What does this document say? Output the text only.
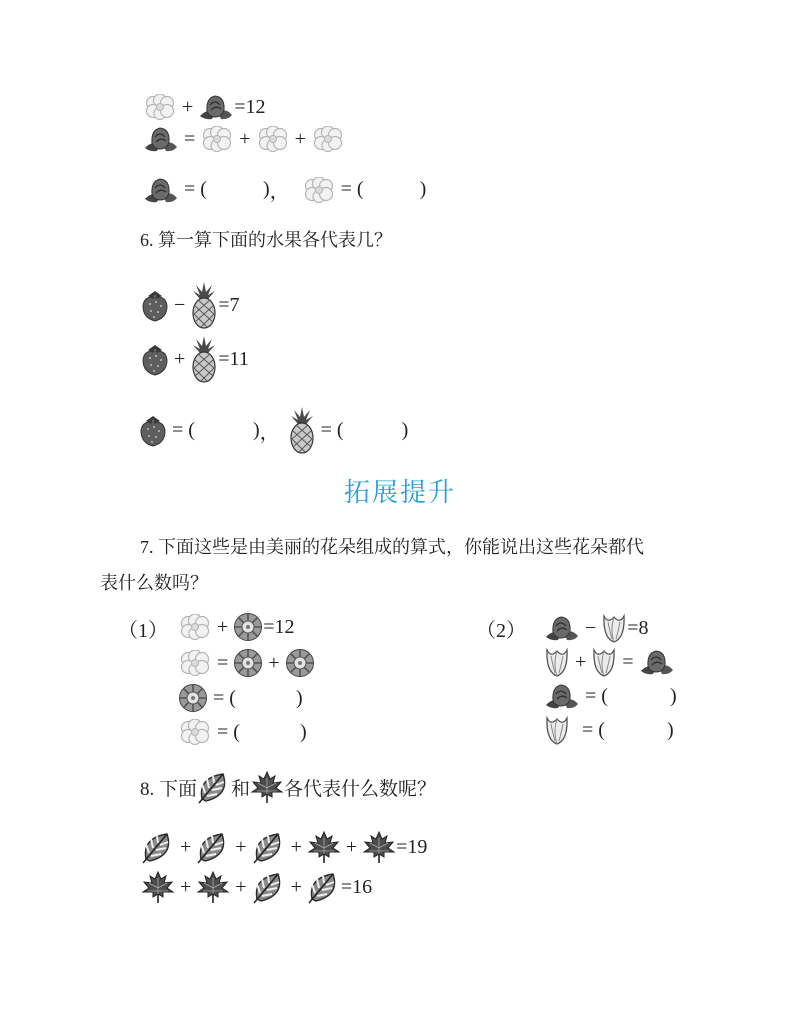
+ =12
= + +
= (	) ，	= (	)
6. 算一算下面的水果各代表几？
− =7
+ =11
= (	) ， = (	)
拓展提升
7. 下面这些是由美丽的花朵组成的算式，你能说出这些花朵都代
表什么数吗？
（1） + =12
= +
= (	)
= (	)
（2）	− =8
+ =
= (	)
= (	)
8. 下面 和 各代表什么数呢？
+ + + + =19
+ + + =16
